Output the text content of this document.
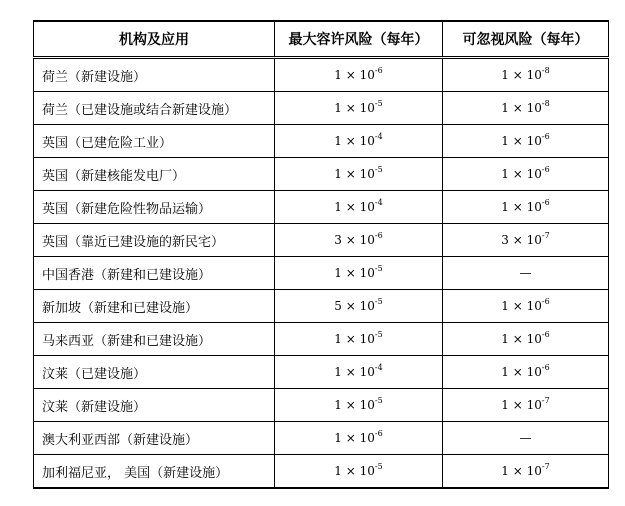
机构及应用	最大容许风险（每年）	可忽视风险（每年）
荷兰（新建设施）	$1 \times 10^{-6}$	$1 \times 10^{-8}$
荷兰（已建设施或结合新建设施）	$1 \times 10^{-5}$	$1 \times 10^{-8}$
英国（已建危险工业）	$1 \times 10^{-4}$	$1 \times 10^{-6}$
英国（新建核能发电厂）	$1 \times 10^{-5}$	$1 \times 10^{-6}$
英国（新建危险性物品运输）	$1 \times 10^{-4}$	$1 \times 10^{-6}$
英国（靠近已建设施的新民宅）	$3 \times 10^{-6}$	$3 \times 10^{-7}$
中国香港（新建和已建设施）	$1 \times 10^{-5}$	—
新加坡（新建和已建设施）	$5 \times 10^{-5}$	$1 \times 10^{-6}$
马来西亚（新建和已建设施）	$1 \times 10^{-5}$	$1 \times 10^{-6}$
汶莱（已建设施）	$1 \times 10^{-4}$	$1 \times 10^{-6}$
汶莱（新建设施）	$1 \times 10^{-5}$	$1 \times 10^{-7}$
澳大利亚西部（新建设施）	$1 \times 10^{-6}$	—
加利福尼亚， 美国（新建设施）	$1 \times 10^{-5}$	$1 \times 10^{-7}$
